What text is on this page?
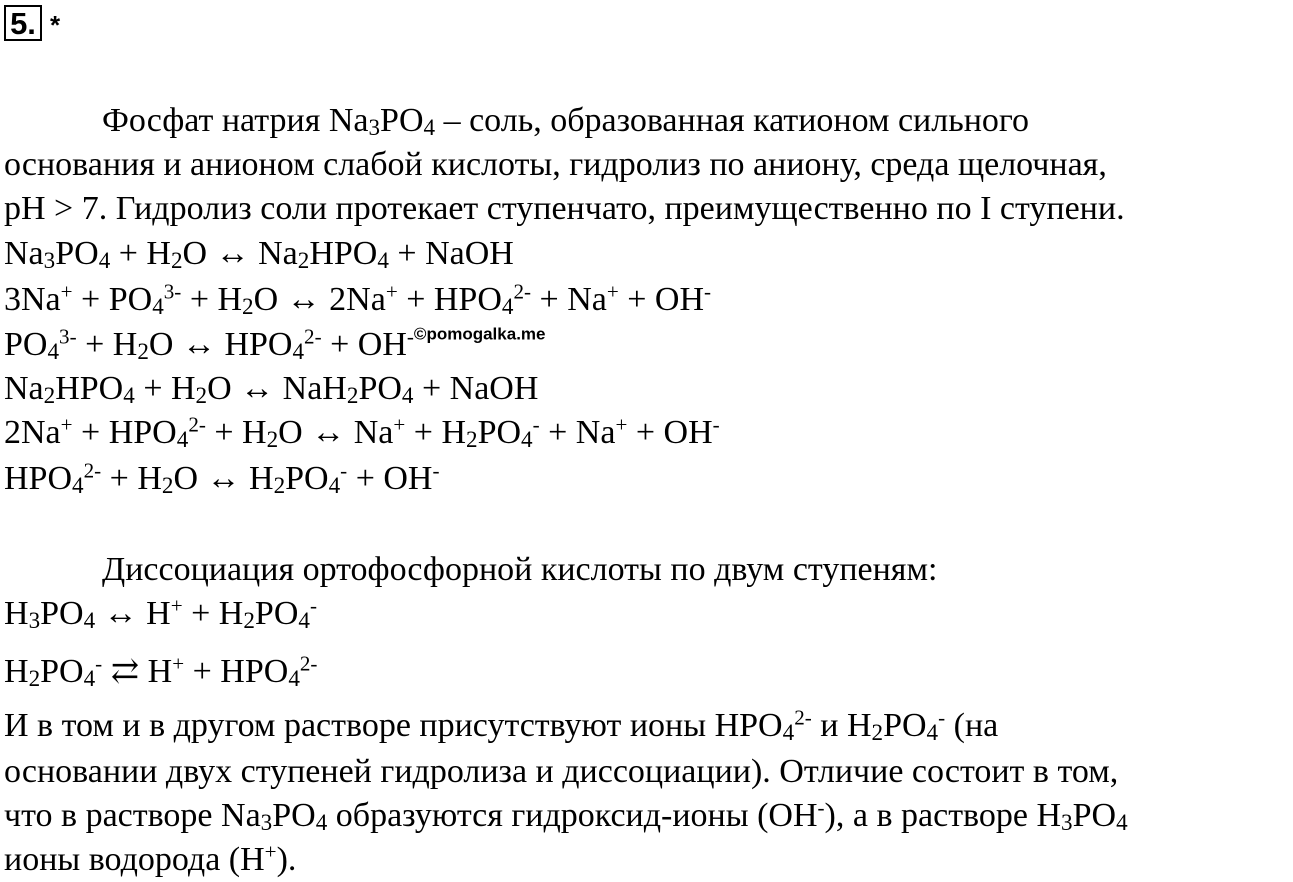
5. *
Фосфат натрия $Na_3PO_4$ – соль, образованная катионом сильного
основания и анионом слабой кислоты, гидролиз по аниону, среда щелочная,
pH > 7. Гидролиз соли протекает ступенчато, преимущественно по I ступени.
$Na_3PO_4 + H_2O$ ↔ $Na_2HPO_4$ + NaOH
$3Na^+ + PO_4^{3-} + H_2O$ ↔ $2Na^+ + HPO_4^{2-} + Na^+ + OH^-$
$PO_4^{3-} + H_2O$ ↔ $HPO_4^{2-} + OH^{-©pomogalka.me}$
$Na_2HPO_4 + H_2O$ ↔ $NaH_2PO_4$ + NaOH
$2Na^+ + HPO_4^{2-} + H_2O$ ↔ $Na^+ + H_2PO_4^- + Na^+ + OH^-$
$HPO_4^{2-} + H_2O$ ↔ $H_2PO_4^- + OH^-$
Диссоциация ортофосфорной кислоты по двум ступеням:
$H_3PO_4$ ↔ $H^+ + H_2PO_4^-$
$H_2PO_4^-$ ⇄ $H^+ + HPO_4^{2-}$
И в том и в другом растворе присутствуют ионы $HPO_4^{2-}$ и $H_2PO_4^-$ (на
основании двух ступеней гидролиза и диссоциации). Отличие состоит в том,
что в растворе $Na_3PO_4$ образуются гидроксид-ионы (OH-), а в растворе $H_3PO_4$
ионы водорода (H+).
